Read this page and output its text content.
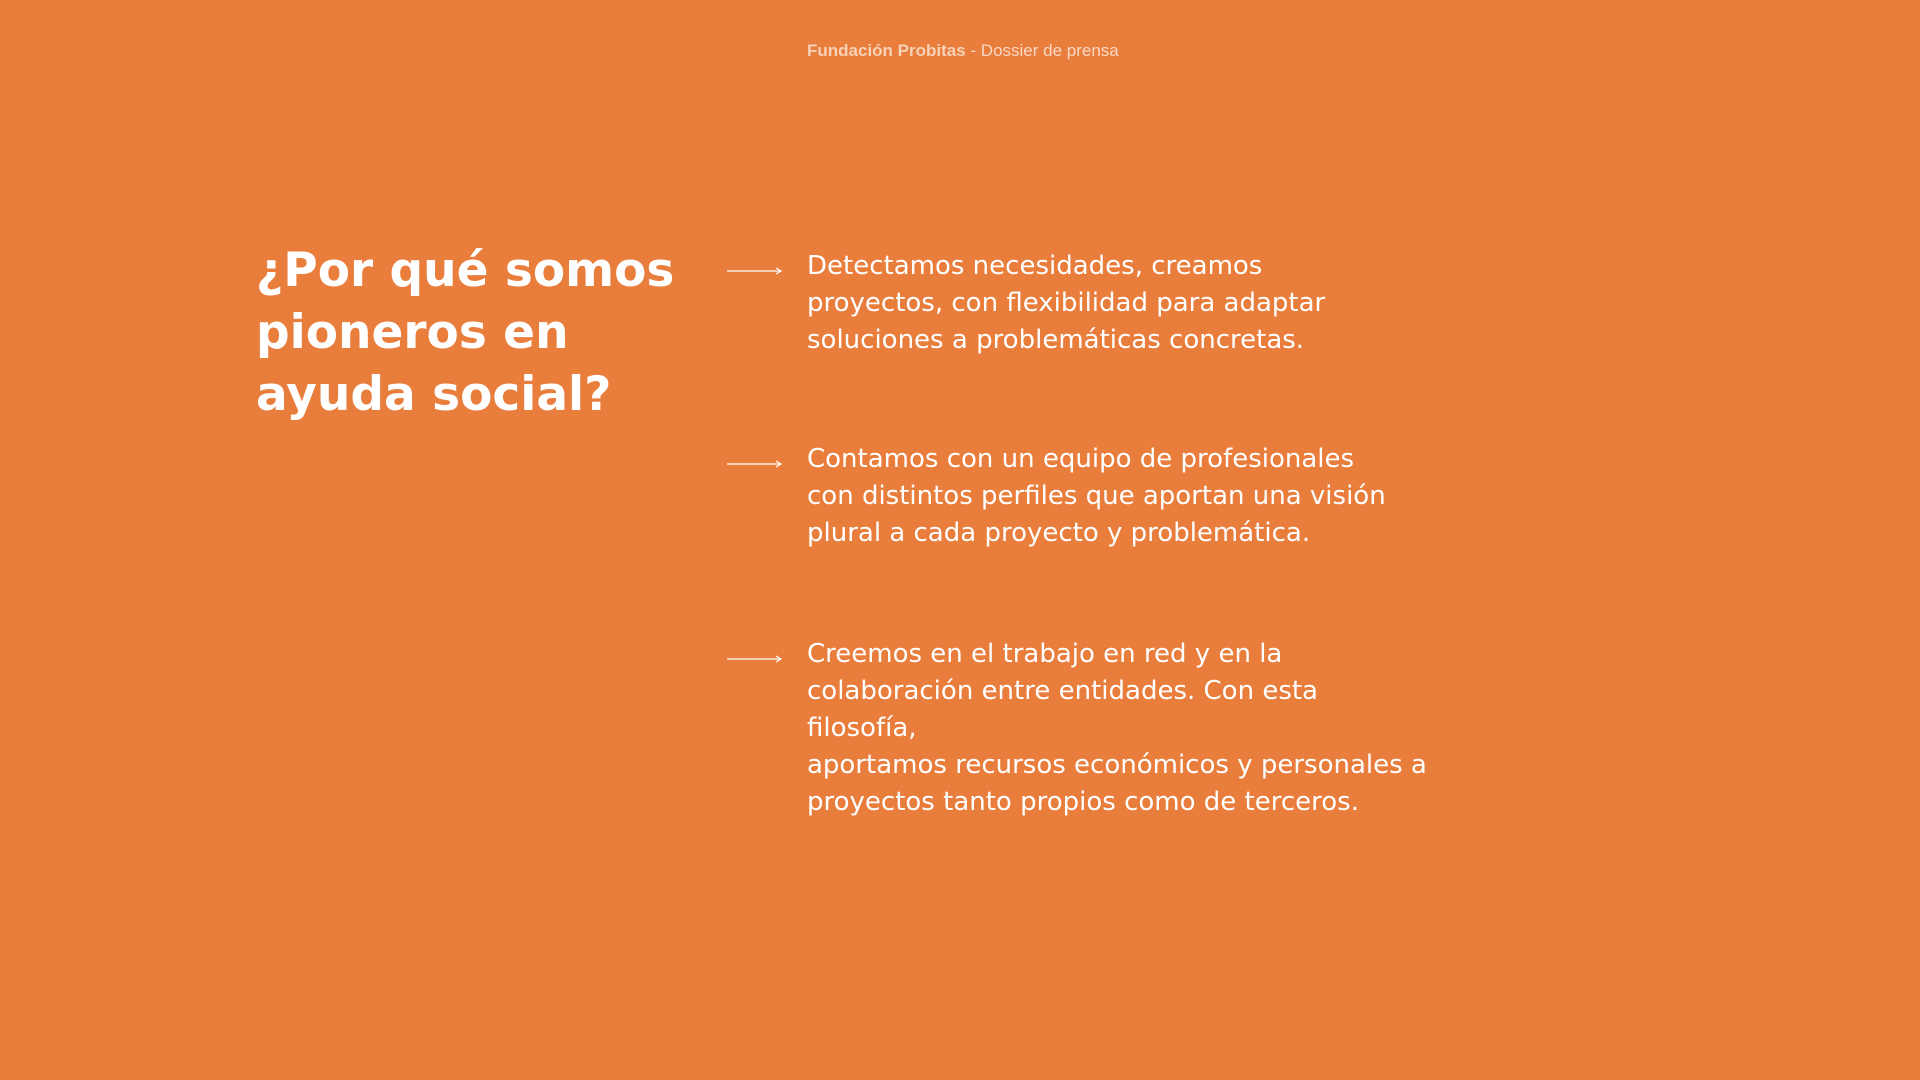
Fundación Probitas - Dossier de prensa
¿Por qué somos
pioneros en
ayuda social?

Detectamos necesidades, creamos
proyectos, con flexibilidad para adaptar
soluciones a problemáticas concretas.

Contamos con un equipo de profesionales
con distintos perfiles que aportan una visión
plural a cada proyecto y problemática.

Creemos en el trabajo en red y en la
colaboración entre entidades. Con esta filosofía,
aportamos recursos económicos y personales a
proyectos tanto propios como de terceros.
